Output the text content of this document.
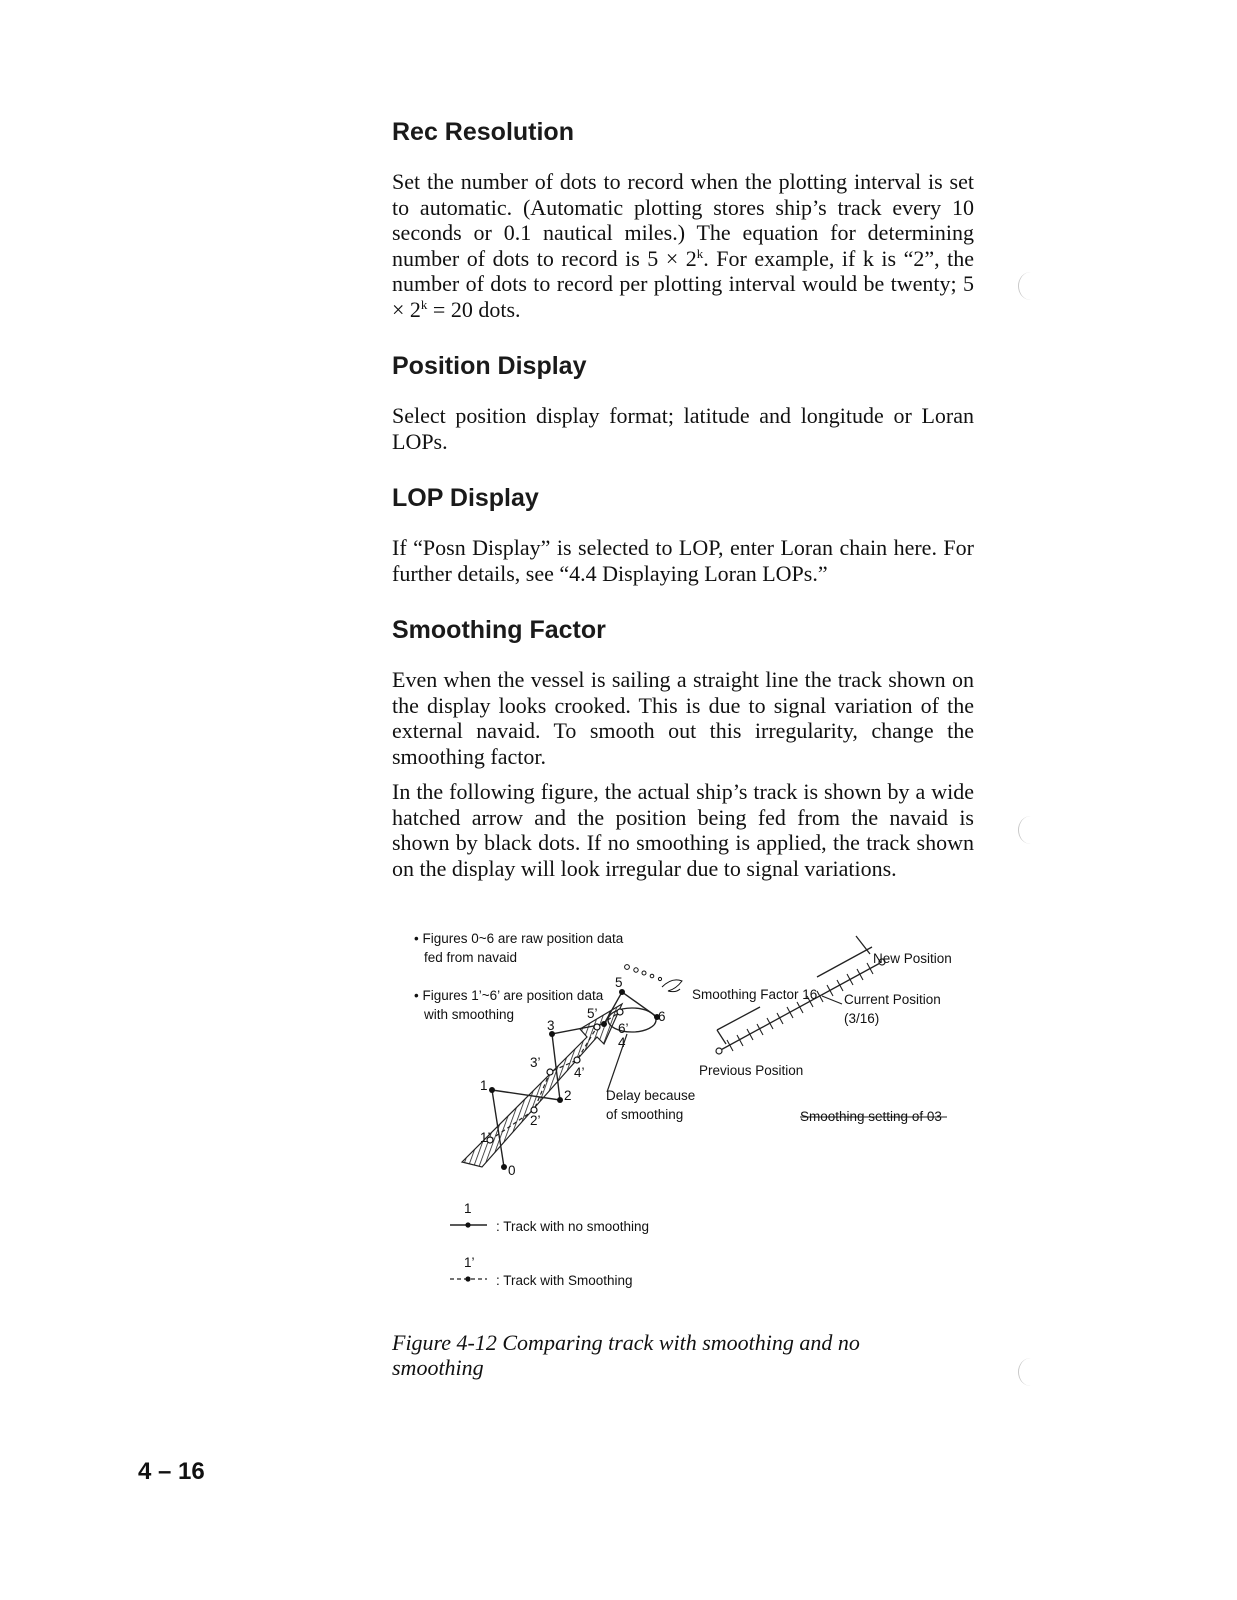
Rec Resolution

Set the number of dots to record when the plotting interval is set to automatic. (Automatic plotting stores ship’s track every 10 seconds or 0.1 nautical miles.) The equation for determining number of dots to record is $5 \times 2^k$. For example, if k is “2”, the number of dots to record per plotting interval would be twenty; $5 \times 2^k = 20$ dots.

Position Display

Select position display format; latitude and longitude or Loran LOPs.

LOP Display

If “Posn Display” is selected to LOP, enter Loran chain here. For further details, see “4.4 Displaying Loran LOPs.”

Smoothing Factor

Even when the vessel is sailing a straight line the track shown on the display looks crooked. This is due to signal variation of the external navaid. To smooth out this irregularity, change the smoothing factor.

In the following figure, the actual ship’s track is shown by a wide hatched arrow and the position being fed from the navaid is shown by black dots. If no smoothing is applied, the track shown on the display will look irregular due to signal variations.

• Figures 0~6 are raw position data
fed from navaid
• Figures 1’~6’ are position data
with smoothing
0
1
2
3
4
5
6
1’
2’
3’
4’
5’
6’
Delay because
of smoothing
New Position
Smoothing Factor 16 Current Position
(3/16)
Previous Position
Smoothing setting of 03
1
: Track with no smoothing
1’
: Track with Smoothing
Figure 4-12 Comparing track with smoothing and no smoothing
4 – 16
